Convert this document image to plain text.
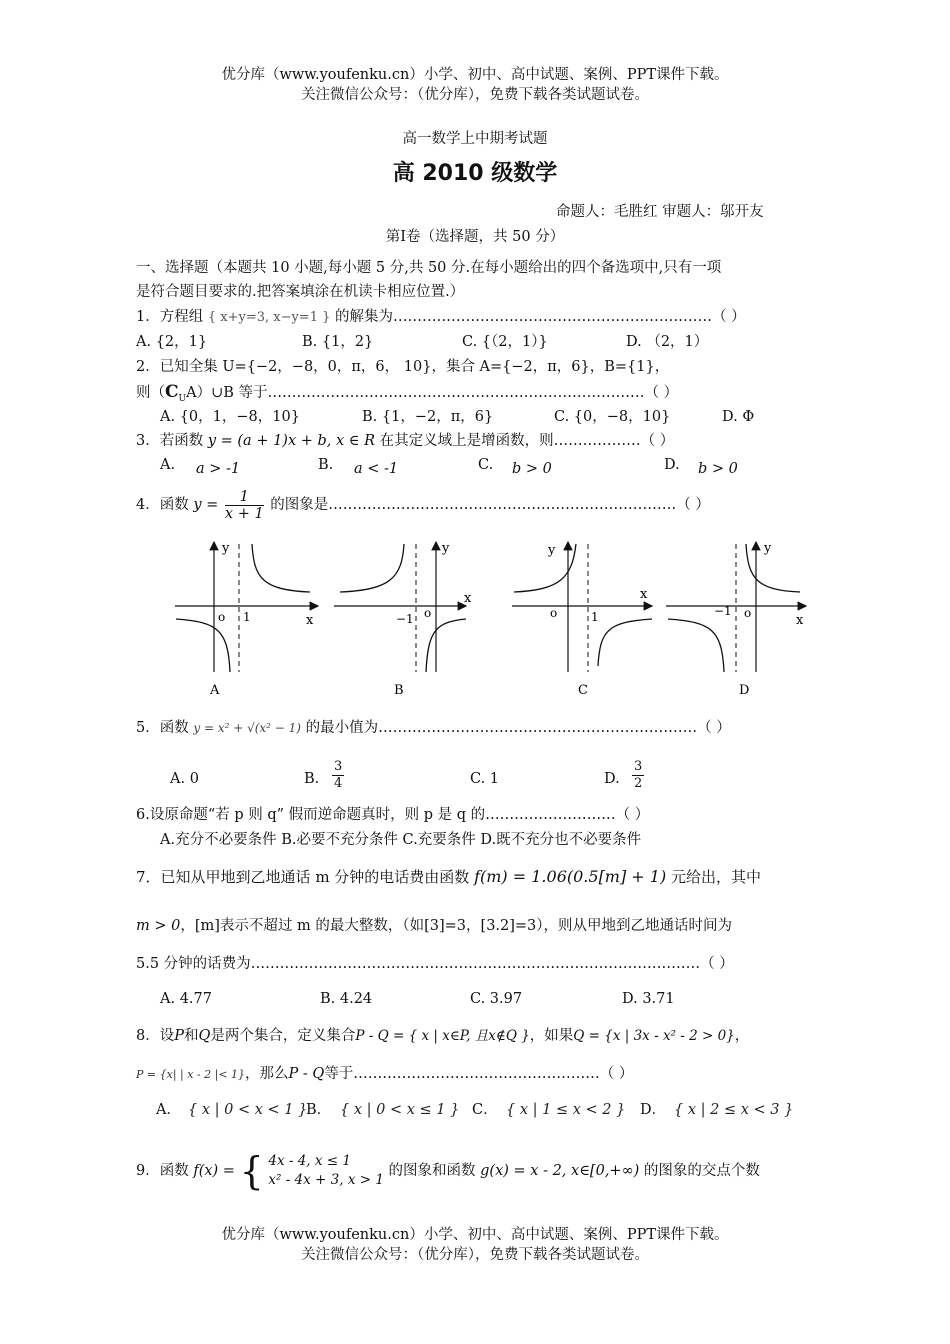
优分库（www.youfenku.cn）小学、初中、高中试题、案例、PPT课件下载。
关注微信公众号：（优分库），免费下载各类试题试卷。
高一数学上中期考试题
高 2010 级数学
命题人：毛胜红 审题人：邬开友
第Ⅰ卷（选择题，共 50 分）
一、选择题（本题共 10 小题,每小题 5 分,共 50 分.在每小题给出的四个备选项中,只有一项
是符合题目要求的.把答案填涂在机读卡相应位置.）
1．方程组 { x+y=3, x−y=1 } 的解集为…………………………………………………………（ ）
A. {2，1}	B. {1，2}	C. {（2，1）}	D. （2，1）
2．已知全集 U={−2，−8，0，π，6， 10}，集合 A={−2，π，6}，B={1}，
则$(C_UA)\cup B$ 等于……………………………………………………………………（ ）
A. {0，1，−8，10}	B. {1，−2，π，6}	C. {0，−8，10}	D. Φ
3．若函数 y = (a + 1)x + b, x ∈ R 在其定义域上是增函数，则………………（ ）
A. a > -1	B. a < -1	C. b > 0	D. b > 0
4．函数 $y = \frac{1}{x + 1}$ 的图象是………………………………………………………………（ ）
o 1	x
y
A
−1 o
x
y
B
o	1
x
y
C
−1 o	x
y
D
5．函数 y = x² + √(x² − 1) 的最小值为…………………………………………………………（ ）
A. 0	B. $\frac{3}{4}$	C. 1	D. $\frac{3}{2}$
6.设原命题“若 p 则 q” 假而逆命题真时，则 p 是 q 的………………………（ ）
A.充分不必要条件 B.必要不充分条件 C.充要条件 D.既不充分也不必要条件
7．已知从甲地到乙地通话 m 分钟的电话费由函数 f(m) = 1.06(0.5[m] + 1) 元给出，其中
m > 0，[m]表示不超过 m 的最大整数，（如[3]=3，[3.2]=3），则从甲地到乙地通话时间为
5.5 分钟的话费为…………………………………………………………………………………（ ）
A. 4.77	B. 4.24	C. 3.97	D. 3.71
8．设P和Q是两个集合，定义集合P - Q = { x | x∈P, 且x∉Q }，如果Q = {x | 3x - x² - 2 > 0}，
P = {x| | x - 2 |< 1}，那么P - Q等于……………………………………………（ ）
A． { x | 0 < x < 1 }
B． { x | 0 < x ≤ 1 } C． { x | 1 ≤ x < 2 } D． { x | 2 ≤ x < 3 }
9．函数 f(x) = { 4x - 4, x ≤ 1
x² - 4x + 3, x > 1
的图象和函数 g(x) = x - 2, x∈[0,+∞) 的图象的交点个数
优分库（www.youfenku.cn）小学、初中、高中试题、案例、PPT课件下载。
关注微信公众号：（优分库），免费下载各类试题试卷。
